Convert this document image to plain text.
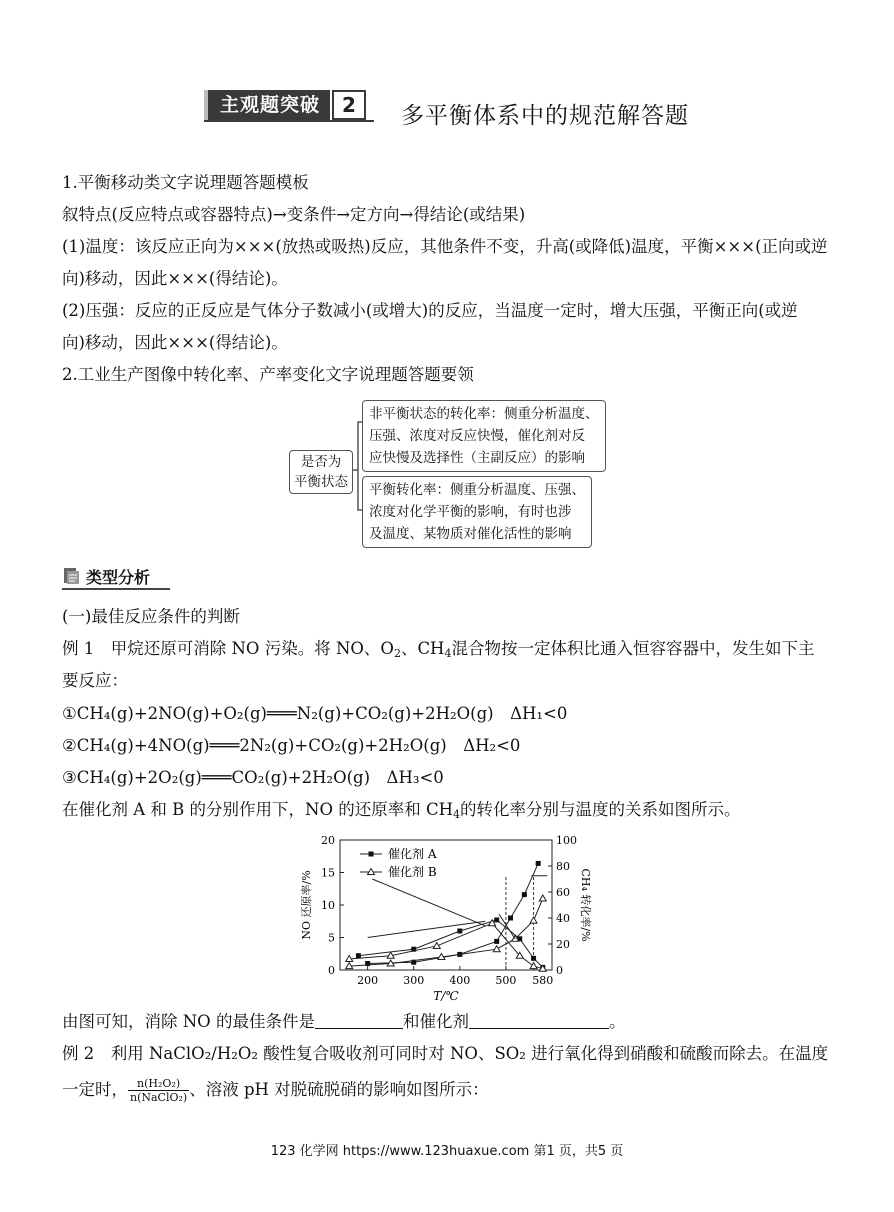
主观题突破	2	多平衡体系中的规范解答题
1.平衡移动类文字说理题答题模板
叙特点(反应特点或容器特点)→变条件→定方向→得结论(或结果)
(1)温度：该反应正向为×××(放热或吸热)反应，其他条件不变，升高(或降低)温度，平衡×××(正向或逆
向)移动，因此×××(得结论)。
(2)压强：反应的正反应是气体分子数减小(或增大)的反应，当温度一定时，增大压强，平衡正向(或逆
向)移动，因此×××(得结论)。
2.工业生产图像中转化率、产率变化文字说理题答题要领
是否为
平衡状态
非平衡状态的转化率：侧重分析温度、
压强、浓度对反应快慢，催化剂对反
应快慢及选择性（主副反应）的影响
平衡转化率：侧重分析温度、压强、
浓度对化学平衡的影响，有时也涉
及温度、某物质对催化活性的影响
类型分析
(一)最佳反应条件的判断
例 1　甲烷还原可消除 NO 污染。将 NO、$O_2$、$CH_4$混合物按一定体积比通入恒容容器中，发生如下主
要反应：
①CH₄(g)+2NO(g)+O₂(g)═══N₂(g)+CO₂(g)+2H₂O(g)　ΔH₁<0
②CH₄(g)+4NO(g)═══2N₂(g)+CO₂(g)+2H₂O(g)　ΔH₂<0
③CH₄(g)+2O₂(g)═══CO₂(g)+2H₂O(g)　ΔH₃<0
在催化剂 A 和 B 的分别作用下，NO 的还原率和 $CH_4$的转化率分别与温度的关系如图所示。
200 300 400 500 580
0
5
10
15
20
0
20
40
60
80
100
T/℃
NO 还原率/%	CH₄ 转化率/%
催化剂 A
催化剂 B
由图可知，消除 NO 的最佳条件是	和催化剂	。
例 2　利用 NaClO₂/H₂O₂ 酸性复合吸收剂可同时对 NO、SO₂ 进行氧化得到硝酸和硫酸而除去。在温度
一定时， $\frac{\text{n(H₂O₂)}}{\text{n(NaClO₂)}}$ 、溶液 pH 对脱硫脱硝的影响如图所示：
123 化学网 https://www.123huaxue.com 第1 页，共5 页
